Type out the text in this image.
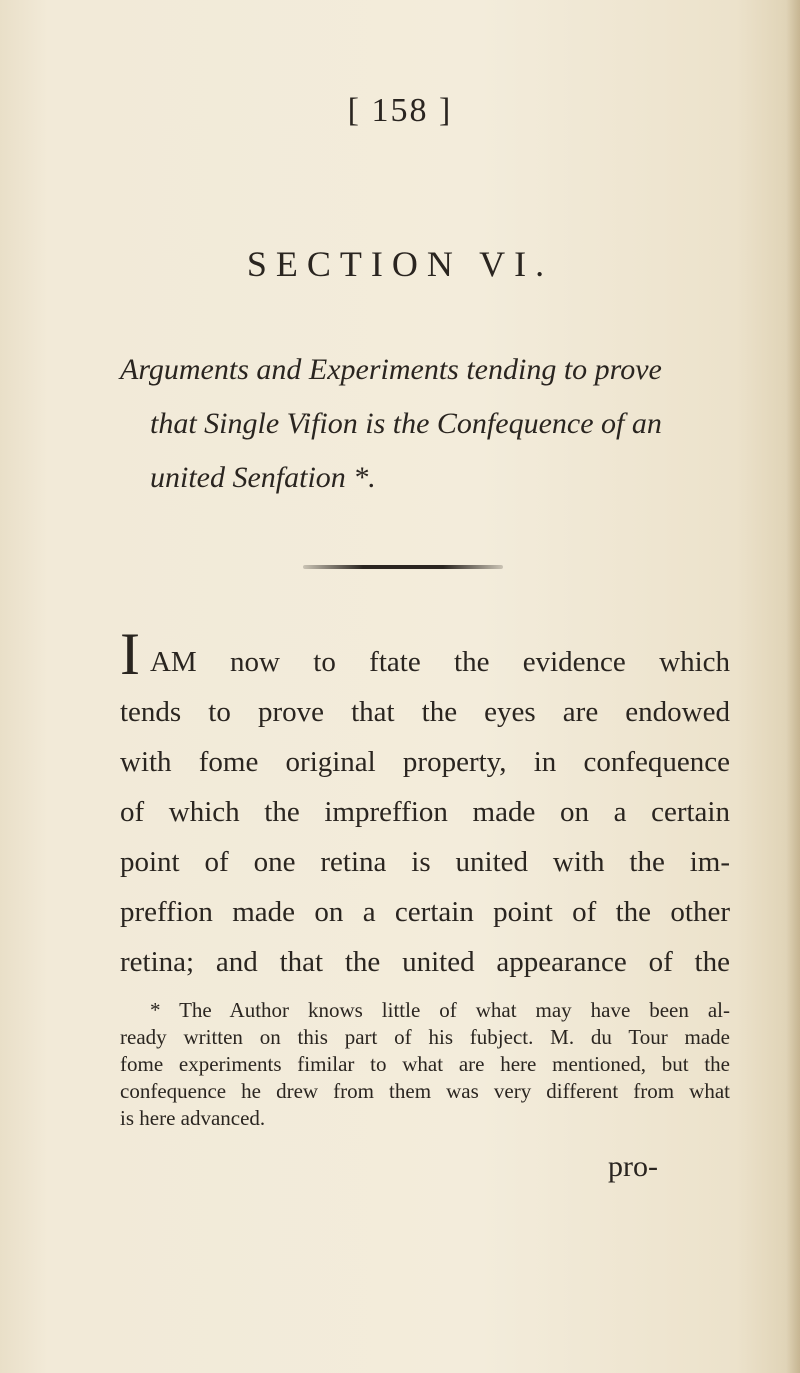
[ 158 ]
SECTION VI.
Arguments and Experiments tending to prove
that Single Vifion is the Confequence of an
united Senfation *.
IAM now to ftate the evidence which
tends to prove that the eyes are endowed
with fome original property, in confequence
of which the impreffion made on a certain
point of one retina is united with the im-
preffion made on a certain point of the other
retina; and that the united appearance of the
* The Author knows little of what may have been al-
ready written on this part of his fubject. M. du Tour made
fome experiments fimilar to what are here mentioned, but the
confequence he drew from them was very different from what
is here advanced.
pro-
